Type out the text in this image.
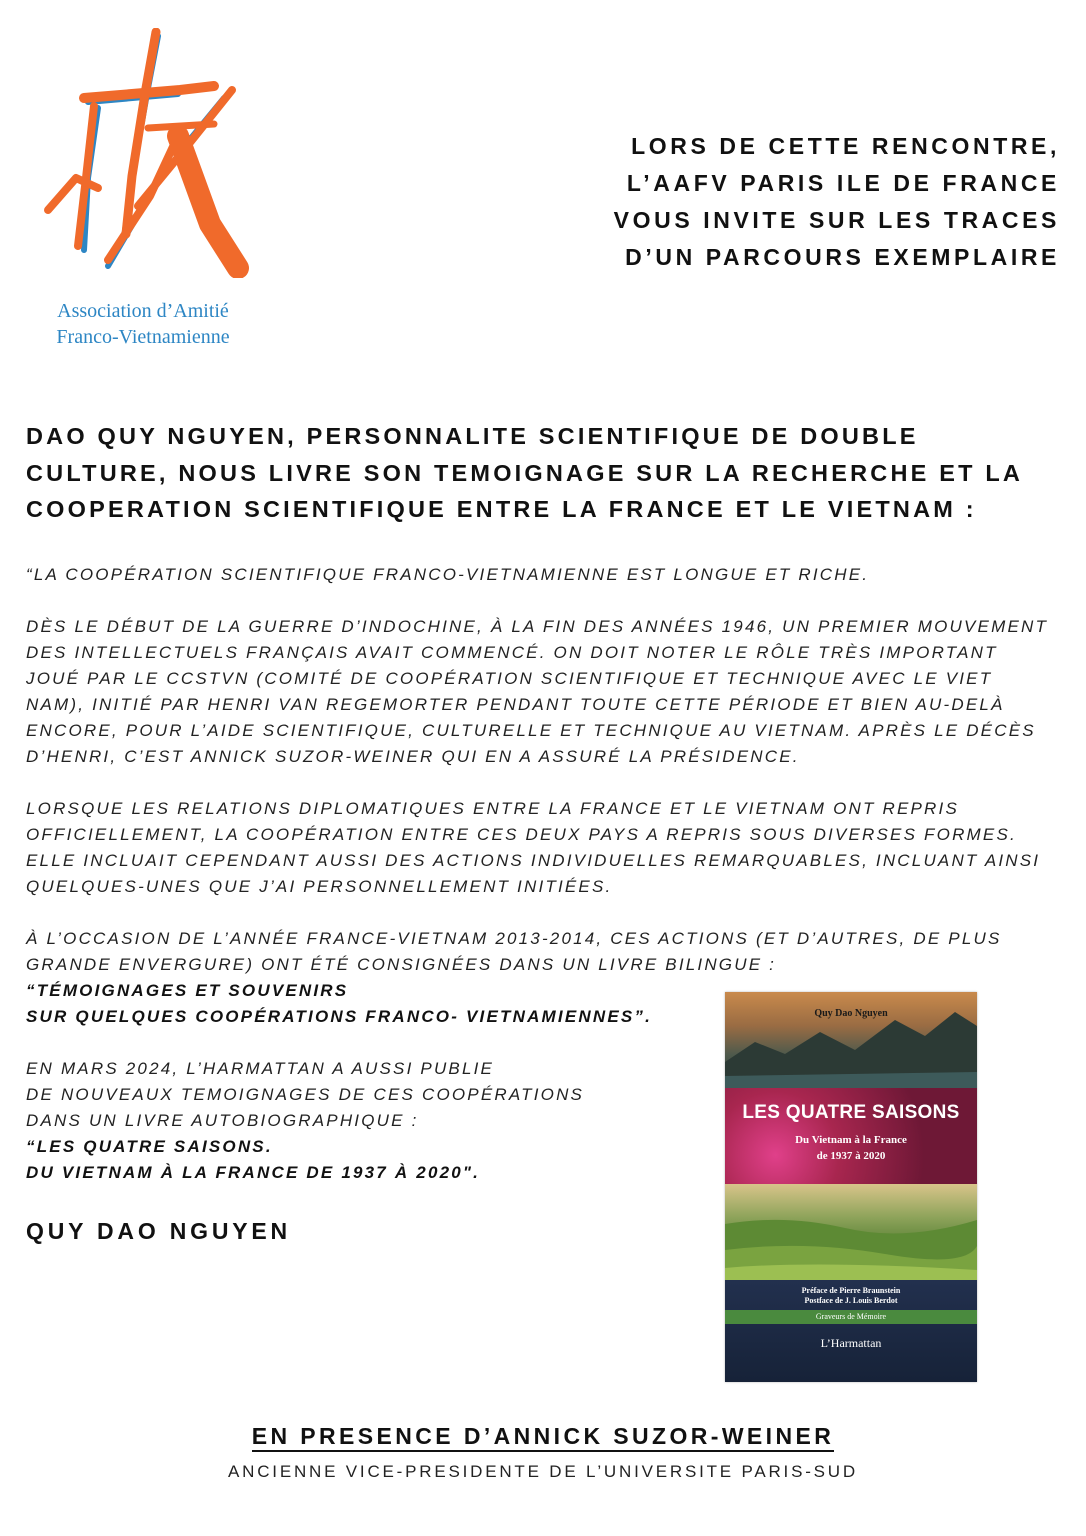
Association d’Amitié
Franco-Vietnamienne
LORS DE CETTE RENCONTRE,
L’AAFV PARIS ILE DE FRANCE
VOUS INVITE SUR LES TRACES
D’UN PARCOURS EXEMPLAIRE
DAO QUY NGUYEN, PERSONNALITE SCIENTIFIQUE DE DOUBLE
CULTURE, NOUS LIVRE SON TEMOIGNAGE SUR LA RECHERCHE ET LA
COOPERATION SCIENTIFIQUE ENTRE LA FRANCE ET LE VIETNAM :
“LA COOPÉRATION SCIENTIFIQUE FRANCO-VIETNAMIENNE EST LONGUE ET RICHE.
DÈS LE DÉBUT DE LA GUERRE D’INDOCHINE, À LA FIN DES ANNÉES 1946, UN PREMIER MOUVEMENT
DES INTELLECTUELS FRANÇAIS AVAIT COMMENCÉ. ON DOIT NOTER LE RÔLE TRÈS IMPORTANT
JOUÉ PAR LE CCSTVN (COMITÉ DE COOPÉRATION SCIENTIFIQUE ET TECHNIQUE AVEC LE VIET
NAM), INITIÉ PAR HENRI VAN REGEMORTER PENDANT TOUTE CETTE PÉRIODE ET BIEN AU-DELÀ
ENCORE, POUR L’AIDE SCIENTIFIQUE, CULTURELLE ET TECHNIQUE AU VIETNAM. APRÈS LE DÉCÈS
D’HENRI, C’EST ANNICK SUZOR-WEINER QUI EN A ASSURÉ LA PRÉSIDENCE.
LORSQUE LES RELATIONS DIPLOMATIQUES ENTRE LA FRANCE ET LE VIETNAM ONT REPRIS
OFFICIELLEMENT, LA COOPÉRATION ENTRE CES DEUX PAYS A REPRIS SOUS DIVERSES FORMES.
ELLE INCLUAIT CEPENDANT AUSSI DES ACTIONS INDIVIDUELLES REMARQUABLES, INCLUANT AINSI
QUELQUES-UNES QUE J’AI PERSONNELLEMENT INITIÉES.
À L’OCCASION DE L’ANNÉE FRANCE-VIETNAM 2013-2014, CES ACTIONS (ET D’AUTRES, DE PLUS
GRANDE ENVERGURE) ONT ÉTÉ CONSIGNÉES DANS UN LIVRE BILINGUE :
“TÉMOIGNAGES ET SOUVENIRS
SUR QUELQUES COOPÉRATIONS FRANCO- VIETNAMIENNES”.
EN MARS 2024, L’HARMATTAN A AUSSI PUBLIE
DE NOUVEAUX TEMOIGNAGES DE CES COOPÉRATIONS
DANS UN LIVRE AUTOBIOGRAPHIQUE :
“LES QUATRE SAISONS.
DU VIETNAM À LA FRANCE DE 1937 À 2020".
QUY DAO NGUYEN
Quy Dao Nguyen
LES QUATRE SAISONS
Du Vietnam à la France
de 1937 à 2020
Préface de Pierre Braunstein
Postface de J. Louis Berdot
Graveurs de Mémoire
L’Harmattan
EN PRESENCE D’ANNICK SUZOR-WEINER
ANCIENNE VICE-PRESIDENTE DE L’UNIVERSITE PARIS-SUD
